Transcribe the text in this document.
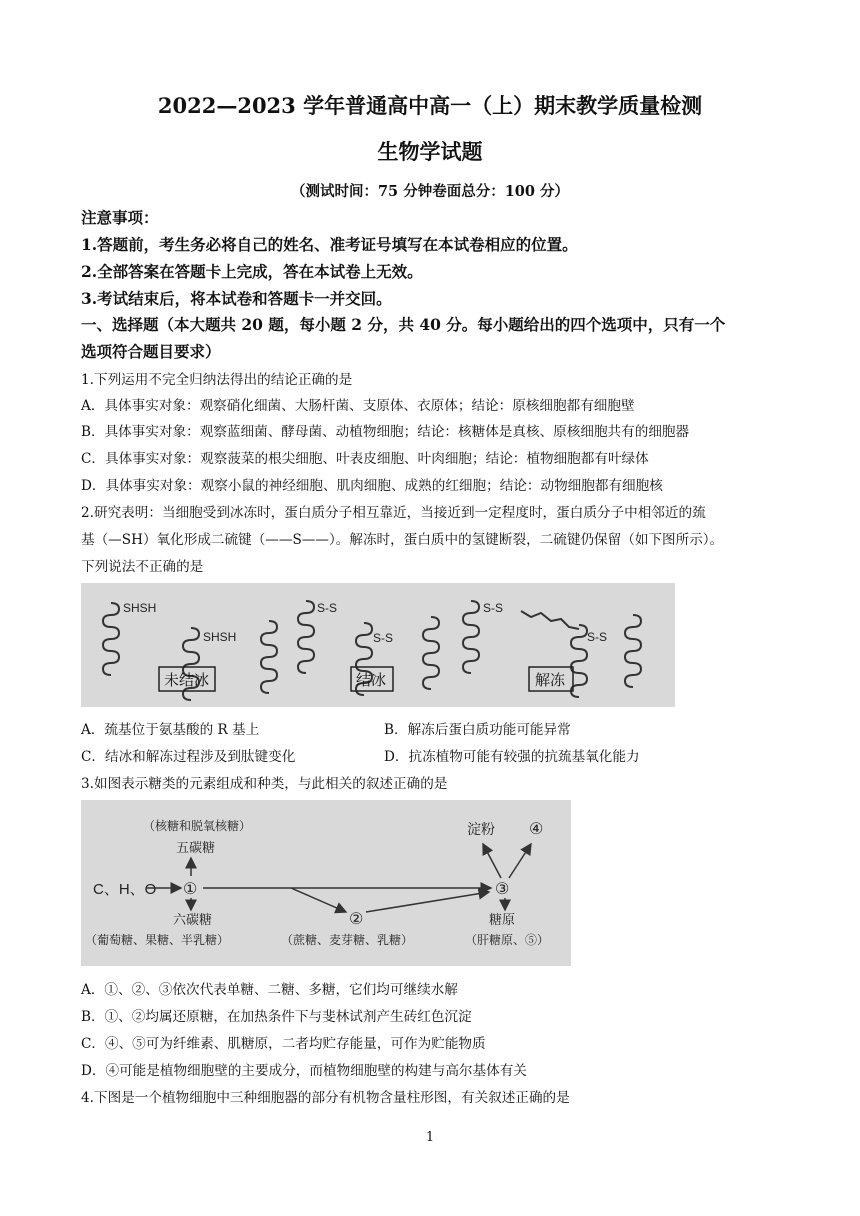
2022—2023 学年普通高中高一（上）期末教学质量检测
生物学试题
（测试时间：75 分钟卷面总分：100 分）
注意事项：
1.答题前，考生务必将自己的姓名、准考证号填写在本试卷相应的位置。
2.全部答案在答题卡上完成，答在本试卷上无效。
3.考试结束后，将本试卷和答题卡一并交回。
一、选择题（本大题共 20 题，每小题 2 分，共 40 分。每小题给出的四个选项中，只有一个
选项符合题目要求）
1.下列运用不完全归纳法得出的结论正确的是
A．具体事实对象：观察硝化细菌、大肠杆菌、支原体、衣原体；结论：原核细胞都有细胞壁
B．具体事实对象：观察蓝细菌、酵母菌、动植物细胞；结论：核糖体是真核、原核细胞共有的细胞器
C．具体事实对象：观察菠菜的根尖细胞、叶表皮细胞、叶肉细胞；结论：植物细胞都有叶绿体
D．具体事实对象：观察小鼠的神经细胞、肌肉细胞、成熟的红细胞；结论：动物细胞都有细胞核
2.研究表明：当细胞受到冰冻时，蛋白质分子相互靠近，当接近到一定程度时，蛋白质分子中相邻近的巯
基（—SH）氧化形成二硫键（——S——）。解冻时，蛋白质中的氢键断裂，二硫键仍保留（如下图所示）。
下列说法不正确的是
SHSH
SHSH
未结冰
S-S
S-S
结冰
S-S
S-S
解冻
A．巯基位于氨基酸的 R 基上	B．解冻后蛋白质功能可能异常
C．结冰和解冻过程涉及到肽键变化	D．抗冻植物可能有较强的抗巯基氧化能力
3.如图表示糖类的元素组成和种类，与此相关的叙述正确的是
（核糖和脱氧核糖）
五碳糖
C、H、O ①
六碳糖
（葡萄糖、果糖、半乳糖）
②
（蔗糖、麦芽糖、乳糖）
③
淀粉 ④
糖原
（肝糖原、⑤）
A．①、②、③依次代表单糖、二糖、多糖，它们均可继续水解
B．①、②均属还原糖，在加热条件下与斐林试剂产生砖红色沉淀
C．④、⑤可为纤维素、肌糖原，二者均贮存能量，可作为贮能物质
D．④可能是植物细胞壁的主要成分，而植物细胞壁的构建与高尔基体有关
4.下图是一个植物细胞中三种细胞器的部分有机物含量柱形图，有关叙述正确的是
1
